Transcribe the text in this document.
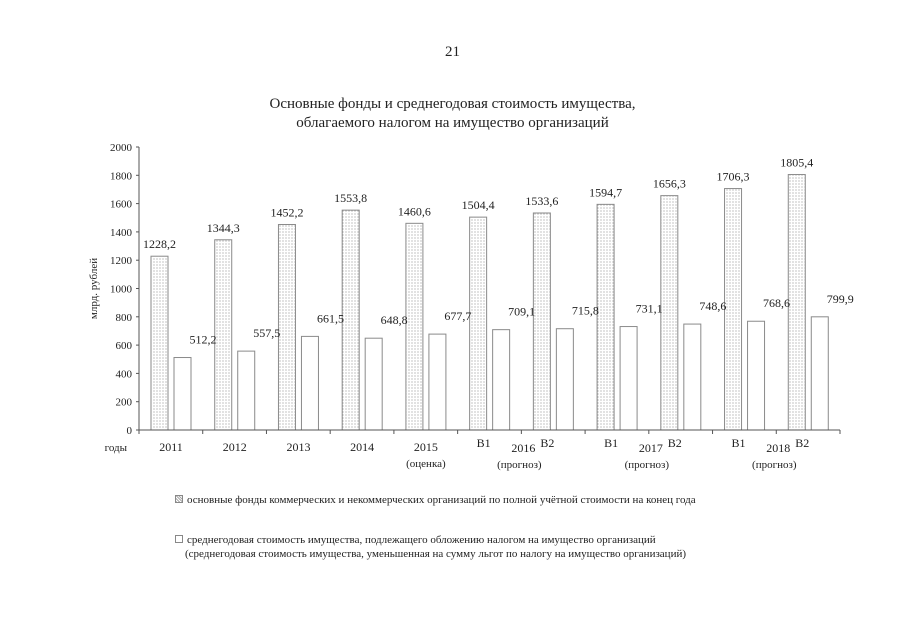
21
Основные фонды и среднегодовая стоимость имущества,
облагаемого налогом на имущество организаций
0
200
400
600
800
1000
1200
1400
1600
1800
2000
млрд. рублей
годы
1228,2
512,2
2011
1344,3
557,5
2012
1452,2
661,5
2013
1553,8
648,8
2014
1460,6
677,7
2015
(оценка)
1504,4
709,1
В1
1533,6
715,8
В2
1594,7
731,1
В1
1656,3
748,6
В2
1706,3
768,6
В1
1805,4
799,9
В2
2016
(прогноз)
2017
(прогноз)
2018
(прогноз)
основные фонды коммерческих и некоммерческих организаций по полной учётной стоимости на конец года
среднегодовая стоимость имущества, подлежащего обложению налогом на имущество организаций
(среднегодовая стоимость имущества, уменьшенная на сумму льгот по налогу на имущество организаций)
